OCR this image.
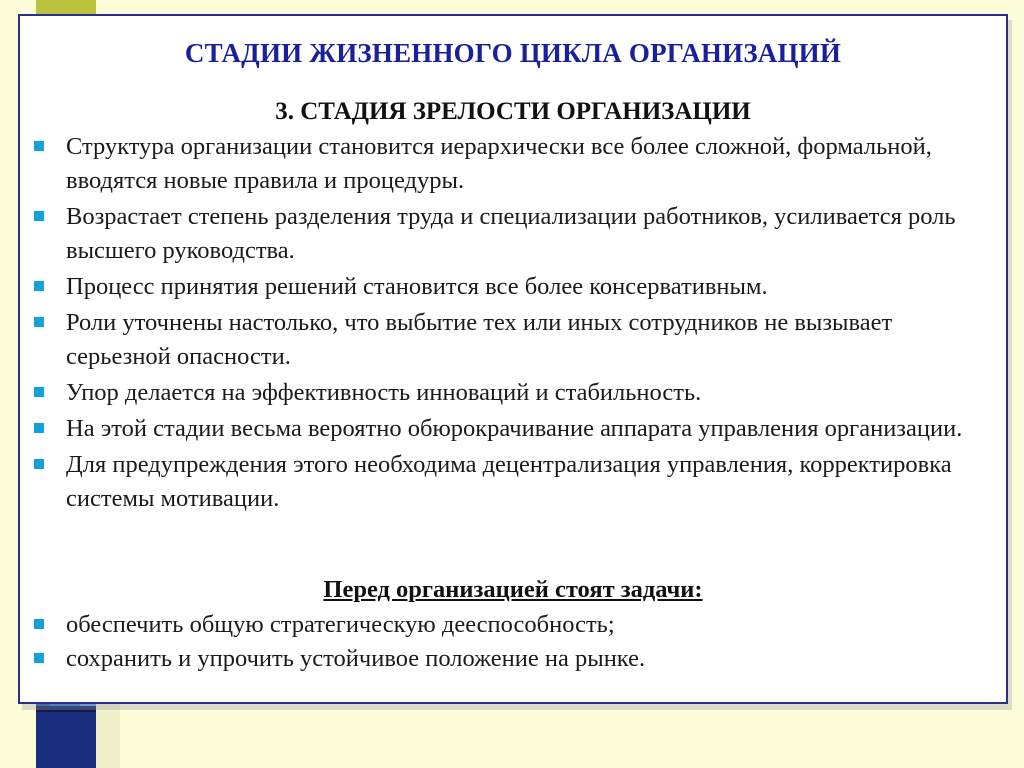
СТАДИИ ЖИЗНЕННОГО ЦИКЛА ОРГАНИЗАЦИЙ
3. СТАДИЯ ЗРЕЛОСТИ ОРГАНИЗАЦИИ
Структура организации становится иерархически все более сложной, формальной, вводятся новые правила и процедуры.
Возрастает степень разделения труда и специализации работников, усиливается роль высшего руководства.
Процесс принятия решений становится все более консервативным.
Роли уточнены настолько, что выбытие тех или иных сотрудников не вызывает серьезной опасности.
Упор делается на эффективность инноваций и стабильность.
На этой стадии весьма вероятно обюрокрачивание аппарата управления организации.
Для предупреждения этого необходима децентрализация управления, корректировка системы мотивации.
Перед организацией стоят задачи:
обеспечить общую стратегическую дееспособность;
сохранить и упрочить устойчивое положение на рынке.
